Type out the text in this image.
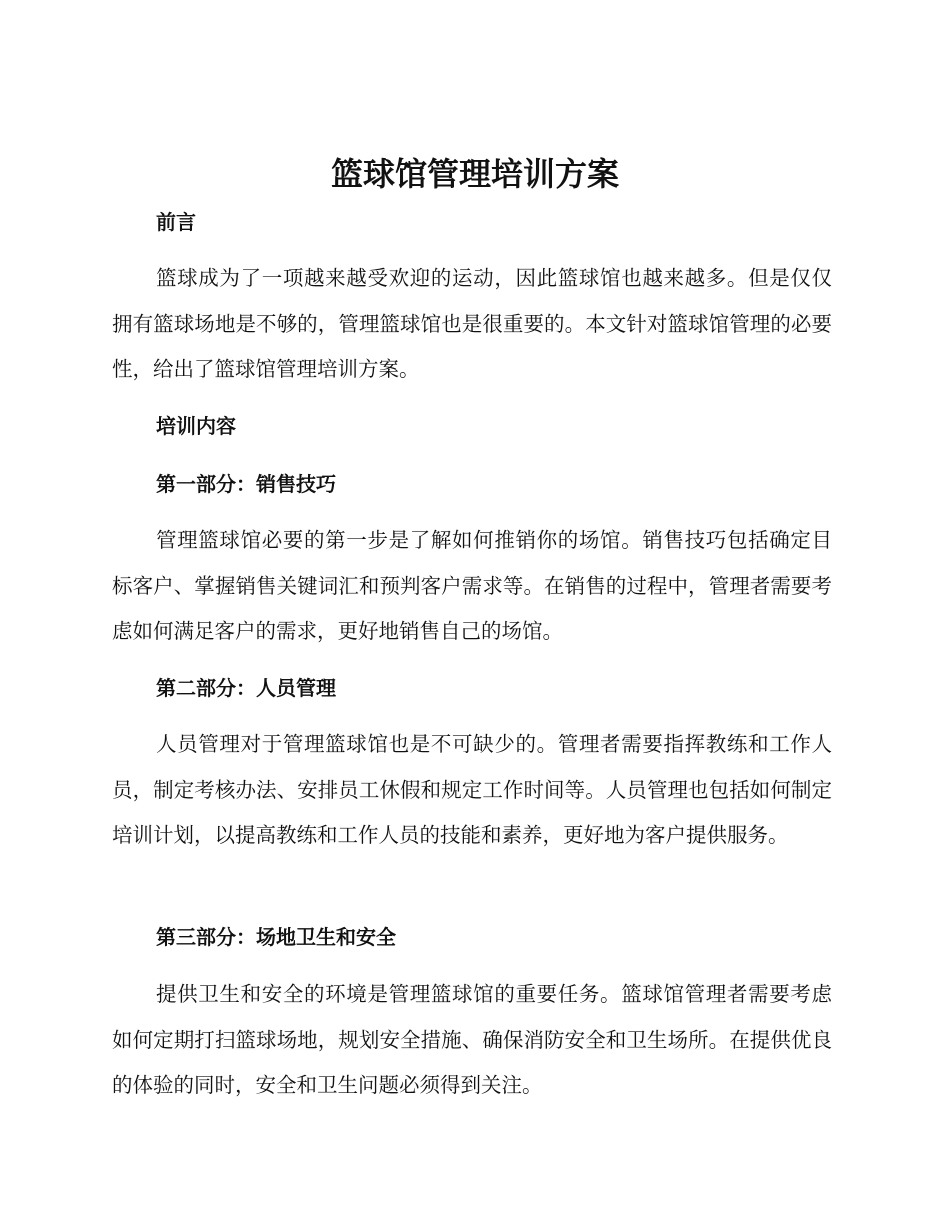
篮球馆管理培训方案
前言

篮球成为了一项越来越受欢迎的运动，因此篮球馆也越来越多。但是仅仅拥有篮球场地是不够的，管理篮球馆也是很重要的。本文针对篮球馆管理的必要性，给出了篮球馆管理培训方案。

培训内容
第一部分：销售技巧

管理篮球馆必要的第一步是了解如何推销你的场馆。销售技巧包括确定目标客户、掌握销售关键词汇和预判客户需求等。在销售的过程中，管理者需要考虑如何满足客户的需求，更好地销售自己的场馆。

第二部分：人员管理

人员管理对于管理篮球馆也是不可缺少的。管理者需要指挥教练和工作人员，制定考核办法、安排员工休假和规定工作时间等。人员管理也包括如何制定培训计划，以提高教练和工作人员的技能和素养，更好地为客户提供服务。

第三部分：场地卫生和安全

提供卫生和安全的环境是管理篮球馆的重要任务。篮球馆管理者需要考虑如何定期打扫篮球场地，规划安全措施、确保消防安全和卫生场所。在提供优良的体验的同时，安全和卫生问题必须得到关注。
